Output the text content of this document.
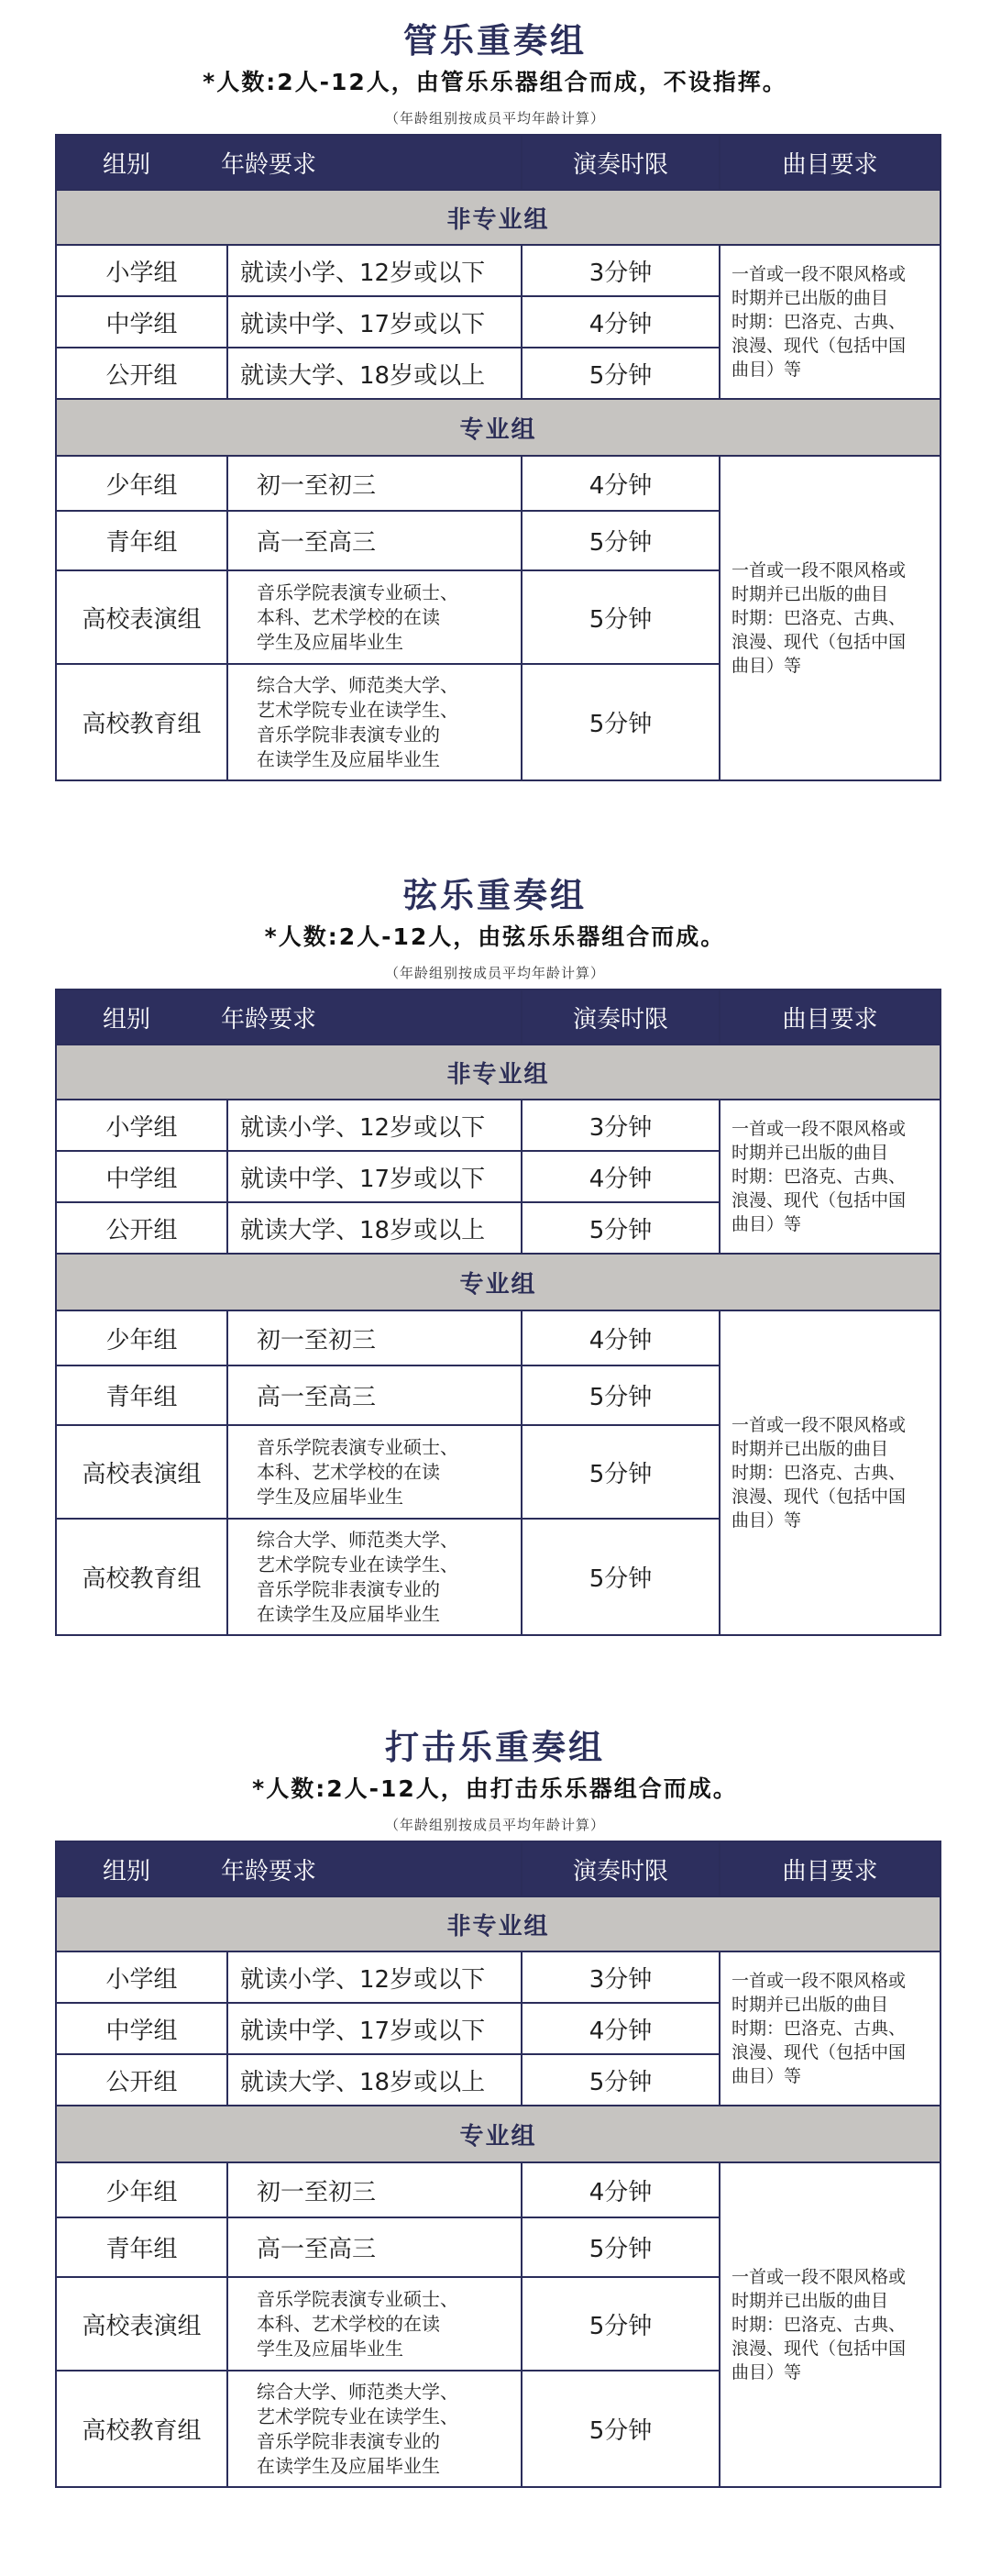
管乐重奏组
*人数:2人-12人，由管乐乐器组合而成，不设指挥。
（年龄组别按成员平均年龄计算）
组别 年龄要求		演奏时限	曲目要求
非专业组			
小学组	就读小学、12岁或以下	3分钟	一首或一段不限风格或
时期并已出版的曲目
时期：巴洛克、古典、
浪漫、现代（包括中国
曲目）等

中学组	就读中学、17岁或以下	4分钟	
公开组	就读大学、18岁或以上	5分钟	
专业组			
少年组	初一至初三	4分钟	一首或一段不限风格或
时期并已出版的曲目
时期：巴洛克、古典、
浪漫、现代（包括中国
曲目）等

青年组	高一至高三	5分钟	
高校表演组	音乐学院表演专业硕士、
本科、艺术学校的在读
学生及应届毕业生	5分钟	
高校教育组	综合大学、师范类大学、
艺术学院专业在读学生、
音乐学院非表演专业的
在读学生及应届毕业生	5分钟	
弦乐重奏组
*人数:2人-12人，由弦乐乐器组合而成。
（年龄组别按成员平均年龄计算）
组别 年龄要求		演奏时限	曲目要求
非专业组			
小学组	就读小学、12岁或以下	3分钟	一首或一段不限风格或
时期并已出版的曲目
时期：巴洛克、古典、
浪漫、现代（包括中国
曲目）等

中学组	就读中学、17岁或以下	4分钟	
公开组	就读大学、18岁或以上	5分钟	
专业组			
少年组	初一至初三	4分钟	一首或一段不限风格或
时期并已出版的曲目
时期：巴洛克、古典、
浪漫、现代（包括中国
曲目）等

青年组	高一至高三	5分钟	
高校表演组	音乐学院表演专业硕士、
本科、艺术学校的在读
学生及应届毕业生	5分钟	
高校教育组	综合大学、师范类大学、
艺术学院专业在读学生、
音乐学院非表演专业的
在读学生及应届毕业生	5分钟	
打击乐重奏组
*人数:2人-12人，由打击乐乐器组合而成。
（年龄组别按成员平均年龄计算）
组别 年龄要求		演奏时限	曲目要求
非专业组			
小学组	就读小学、12岁或以下	3分钟	一首或一段不限风格或
时期并已出版的曲目
时期：巴洛克、古典、
浪漫、现代（包括中国
曲目）等

中学组	就读中学、17岁或以下	4分钟	
公开组	就读大学、18岁或以上	5分钟	
专业组			
少年组	初一至初三	4分钟	一首或一段不限风格或
时期并已出版的曲目
时期：巴洛克、古典、
浪漫、现代（包括中国
曲目）等

青年组	高一至高三	5分钟	
高校表演组	音乐学院表演专业硕士、
本科、艺术学校的在读
学生及应届毕业生	5分钟	
高校教育组	综合大学、师范类大学、
艺术学院专业在读学生、
音乐学院非表演专业的
在读学生及应届毕业生	5分钟	
